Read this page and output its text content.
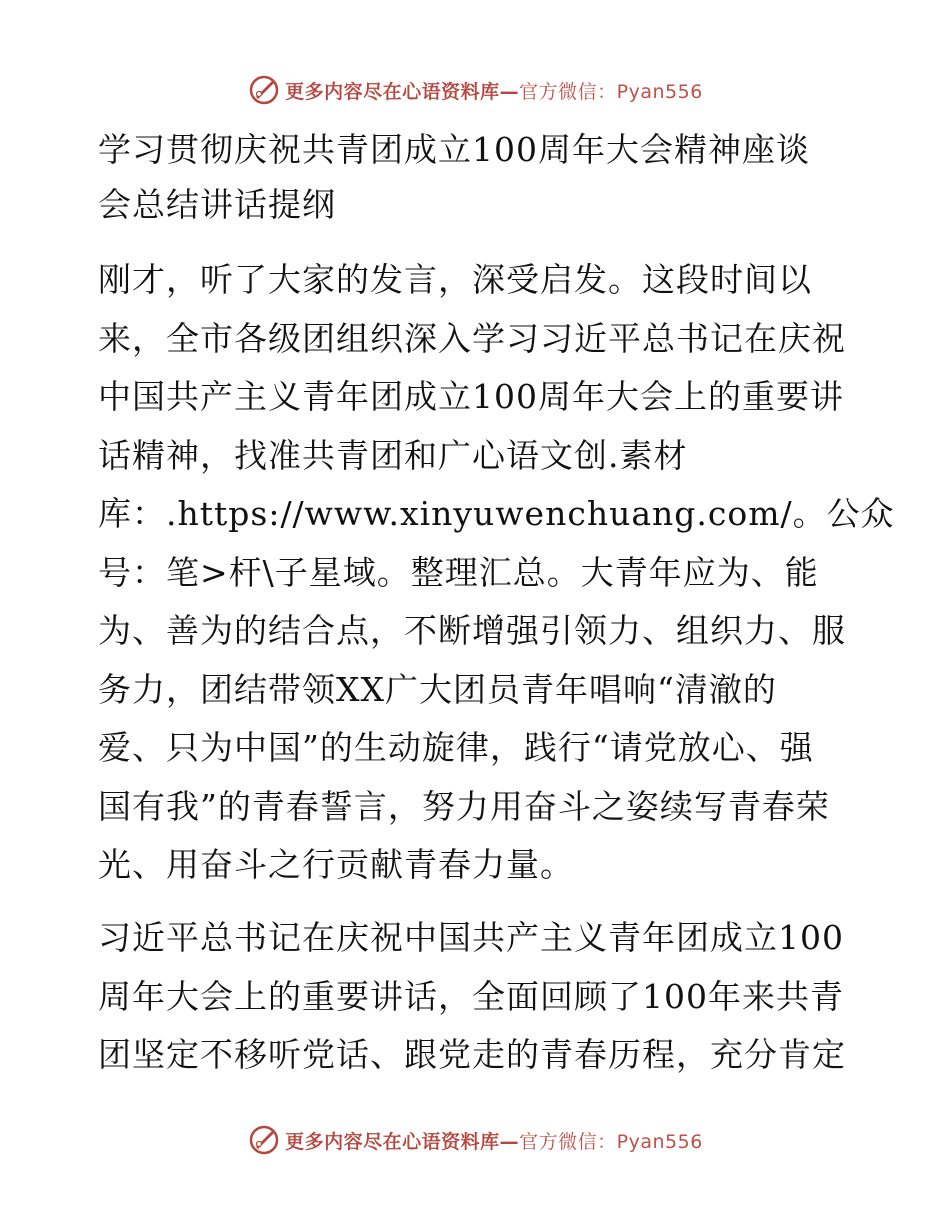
更多内容尽在心语资料库—官方微信：Pyan556
学习贯彻庆祝共青团成立100周年大会精神座谈
会总结讲话提纲

刚才，听了大家的发言，深受启发。这段时间以
来，全市各级团组织深入学习习近平总书记在庆祝
中国共产主义青年团成立100周年大会上的重要讲
话精神，找准共青团和广心语文创.素材
库：.https://www.xinyuwenchuang.com/。公众
号：笔>杆\子星域。整理汇总。大青年应为、能
为、善为的结合点，不断增强引领力、组织力、服
务力，团结带领XX广大团员青年唱响“清澈的
爱、只为中国”的生动旋律，践行“请党放心、强
国有我”的青春誓言，努力用奋斗之姿续写青春荣
光、用奋斗之行贡献青春力量。

习近平总书记在庆祝中国共产主义青年团成立100
周年大会上的重要讲话，全面回顾了100年来共青
团坚定不移听党话、跟党走的青春历程，充分肯定

更多内容尽在心语资料库—官方微信：Pyan556
